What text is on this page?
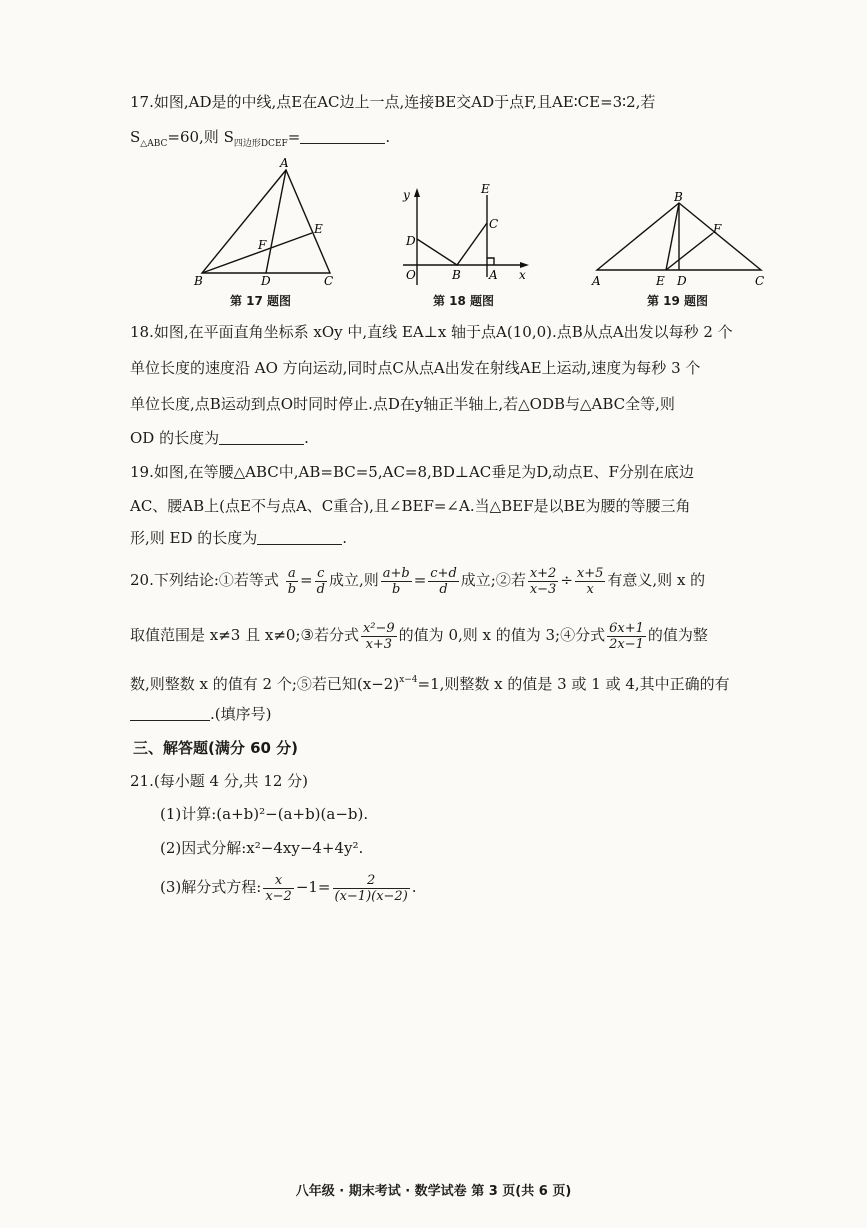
17.如图,AD是的中线,点E在AC边上一点,连接BE交AD于点F,且AE∶CE=3∶2,若
$S_{\triangle ABC}=60$,则 $S_{四边形DCEF}=$	.
A
B	C
D
E
F
第 17 题图
y	E
C
D
O	B A x
第 18 题图
B
F
A	E D	C
第 19 题图
18.如图,在平面直角坐标系 xOy 中,直线 EA⊥x 轴于点A(10,0).点B从点A出发以每秒 2 个
单位长度的速度沿 AO 方向运动,同时点C从点A出发在射线AE上运动,速度为每秒 3 个
单位长度,点B运动到点O时同时停止.点D在y轴正半轴上,若△ODB与△ABC全等,则
OD 的长度为	.
19.如图,在等腰△ABC中,AB=BC=5,AC=8,BD⊥AC垂足为D,动点E、F分别在底边
AC、腰AB上(点E不与点A、C重合),且∠BEF=∠A.当△BEF是以BE为腰的等腰三角
形,则 ED 的长度为	.
20.下列结论:①若等式 $\frac{a}{b} = \frac{c}{d}$ 成立,则 $\frac{a+b}{b} = \frac{c+d}{d}$ 成立;②若 $\frac{x+2}{x-3} \div \frac{x+5}{x}$ 有意义,则 x 的
取值范围是 x≠3 且 x≠0;③若分式 $\frac{\text{x²−9}}{x+3}$ 的值为 0,则 x 的值为 3;④分式 $\frac{6x+1}{2x-1}$ 的值为整
数,则整数 x 的值有 2 个;⑤若已知$(x-2)^{x-4}=1$,则整数 x 的值是 3 或 1 或 4,其中正确的有
.(填序号)
三、解答题(满分 60 分)
21.(每小题 4 分,共 12 分)
(1)计算:(a+b)²−(a+b)(a−b).
(2)因式分解:x²−4xy−4+4y².
(3)解分式方程: $\frac{x}{x-2} -1= \frac{2}{(x-1)(x-2)}$ .
八年级 · 期末考试 · 数学试卷 第 3 页(共 6 页)
